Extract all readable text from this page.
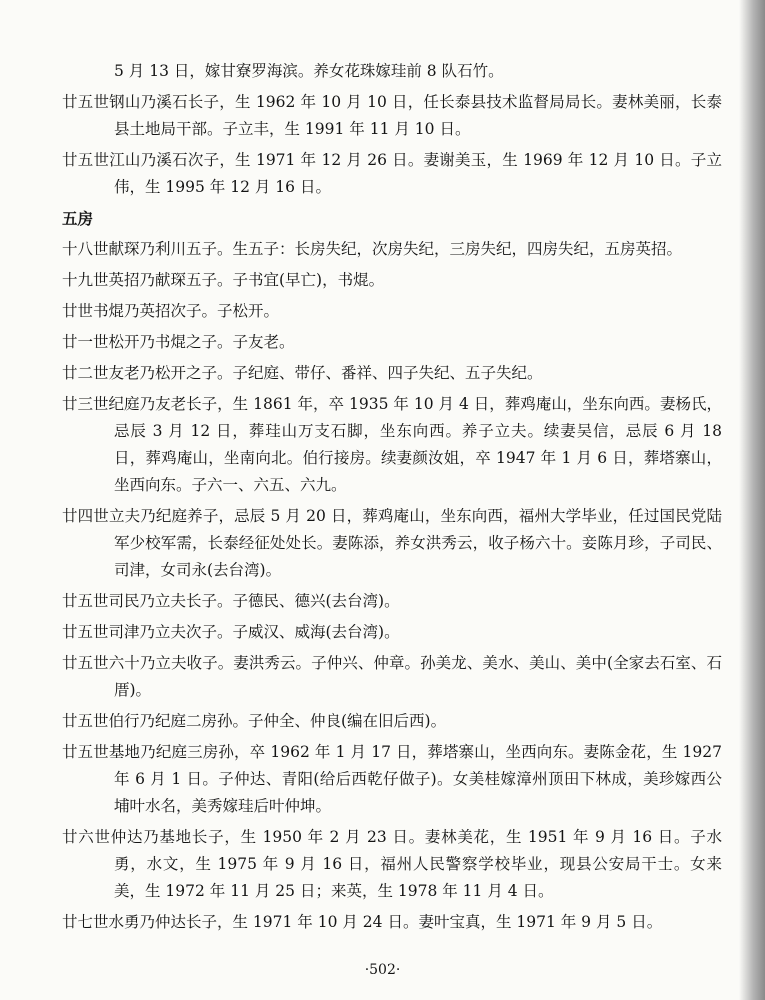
5 月 13 日，嫁甘寮罗海滨。养女花珠嫁珪前 8 队石竹。

廿五世钢山乃溪石长子，生 1962 年 10 月 10 日，任长泰县技术监督局局长。妻林美丽，长泰县土地局干部。子立丰，生 1991 年 11 月 10 日。

廿五世江山乃溪石次子，生 1971 年 12 月 26 日。妻谢美玉，生 1969 年 12 月 10 日。子立伟，生 1995 年 12 月 16 日。

五房

十八世献琛乃利川五子。生五子：长房失纪，次房失纪，三房失纪，四房失纪，五房英招。

十九世英招乃献琛五子。子书宜(早亡)，书焜。

廿世书焜乃英招次子。子松开。

廿一世松开乃书焜之子。子友老。

廿二世友老乃松开之子。子纪庭、带仔、番祥、四子失纪、五子失纪。

廿三世纪庭乃友老长子，生 1861 年，卒 1935 年 10 月 4 日，葬鸡庵山，坐东向西。妻杨氏，忌辰 3 月 12 日，葬珪山万支石脚，坐东向西。养子立夫。续妻吴信，忌辰 6 月 18 日，葬鸡庵山，坐南向北。伯行接房。续妻颜汝姐，卒 1947 年 1 月 6 日，葬塔寨山，坐西向东。子六一、六五、六九。

廿四世立夫乃纪庭养子，忌辰 5 月 20 日，葬鸡庵山，坐东向西，福州大学毕业，任过国民党陆军少校军需，长泰经征处处长。妻陈添，养女洪秀云，收子杨六十。妾陈月珍，子司民、司津，女司永(去台湾)。

廿五世司民乃立夫长子。子德民、德兴(去台湾)。

廿五世司津乃立夫次子。子威汉、威海(去台湾)。

廿五世六十乃立夫收子。妻洪秀云。子仲兴、仲章。孙美龙、美水、美山、美中(全家去石室、石厝)。

廿五世伯行乃纪庭二房孙。子仲全、仲良(编在旧后西)。

廿五世基地乃纪庭三房孙，卒 1962 年 1 月 17 日，葬塔寨山，坐西向东。妻陈金花，生 1927 年 6 月 1 日。子仲达、青阳(给后西乾仔做子)。女美桂嫁漳州顶田下林成，美珍嫁西公埔叶水名，美秀嫁珪后叶仲坤。

廿六世仲达乃基地长子，生 1950 年 2 月 23 日。妻林美花，生 1951 年 9 月 16 日。子水勇，水文，生 1975 年 9 月 16 日，福州人民警察学校毕业，现县公安局干士。女来美，生 1972 年 11 月 25 日；来英，生 1978 年 11 月 4 日。

廿七世水勇乃仲达长子，生 1971 年 10 月 24 日。妻叶宝真，生 1971 年 9 月 5 日。

·502·
